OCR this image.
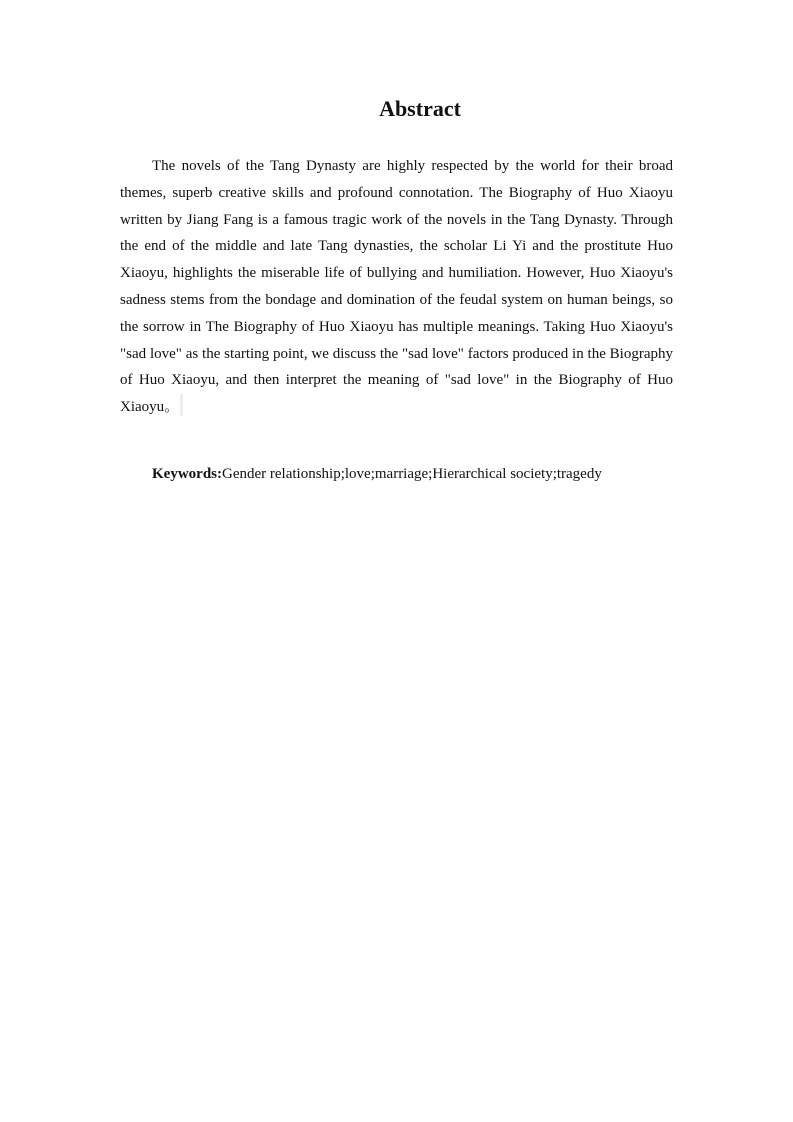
Abstract

The novels of the Tang Dynasty are highly respected by the world for their broad themes, superb creative skills and profound connotation. The Biography of Huo Xiaoyu written by Jiang Fang is a famous tragic work of the novels in the Tang Dynasty. Through the end of the middle and late Tang dynasties, the scholar Li Yi and the prostitute Huo Xiaoyu, highlights the miserable life of bullying and humiliation. However, Huo Xiaoyu's sadness stems from the bondage and domination of the feudal system on human beings, so the sorrow in The Biography of Huo Xiaoyu has multiple meanings. Taking Huo Xiaoyu's "sad love" as the starting point, we discuss the "sad love" factors produced in the Biography of Huo Xiaoyu, and then interpret the meaning of "sad love" in the Biography of Huo Xiaoyu。

Keywords:Gender relationship;love;marriage;Hierarchical society;tragedy
